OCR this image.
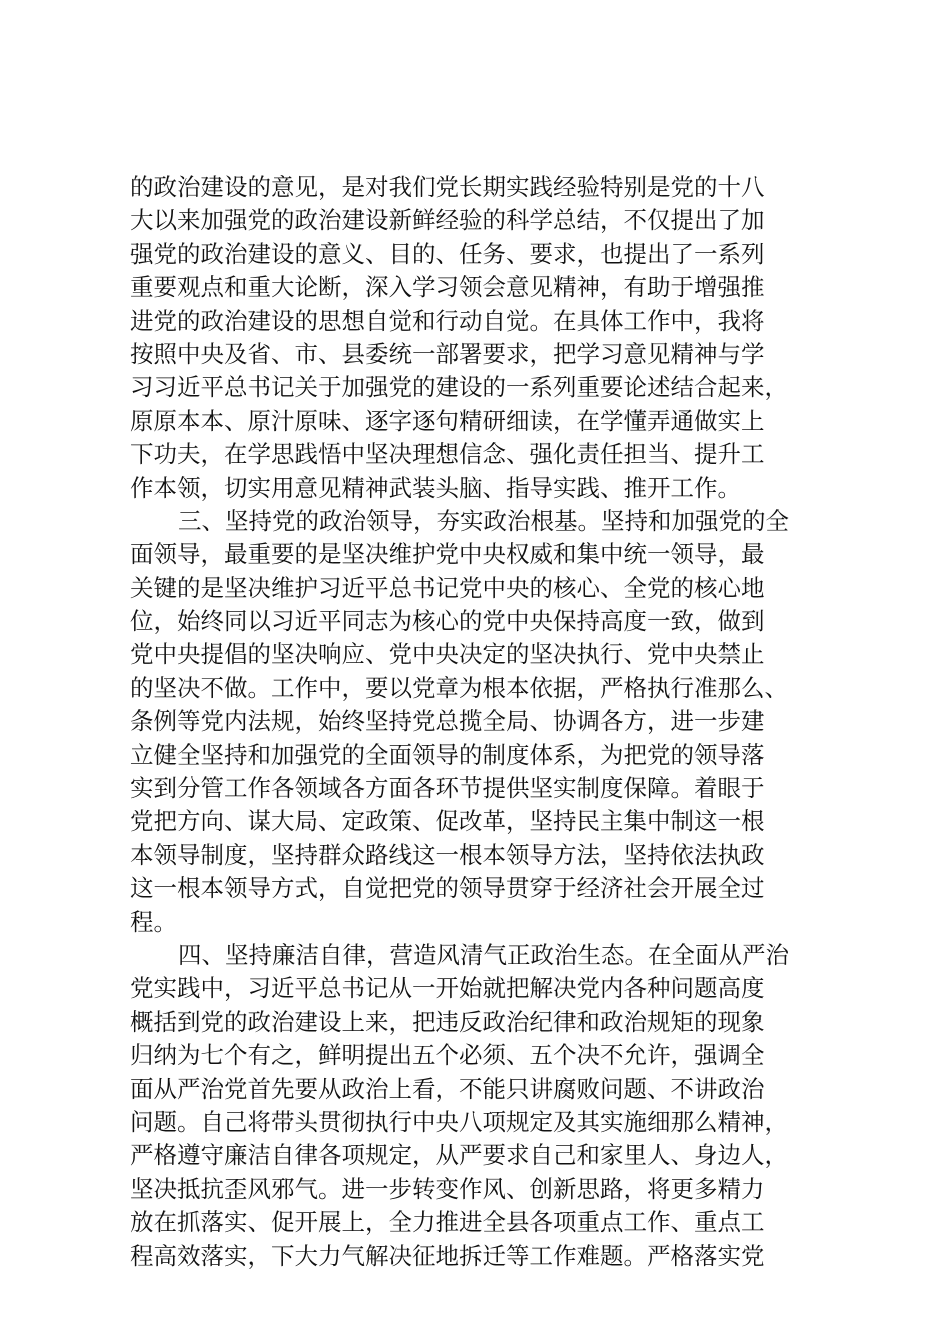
的政治建设的意见，是对我们党长期实践经验特别是党的十八
大以来加强党的政治建设新鲜经验的科学总结，不仅提出了加
强党的政治建设的意义、目的、任务、要求，也提出了一系列
重要观点和重大论断，深入学习领会意见精神，有助于增强推
进党的政治建设的思想自觉和行动自觉。在具体工作中，我将
按照中央及省、市、县委统一部署要求，把学习意见精神与学
习习近平总书记关于加强党的建设的一系列重要论述结合起来，
原原本本、原汁原味、逐字逐句精研细读，在学懂弄通做实上
下功夫，在学思践悟中坚决理想信念、强化责任担当、提升工
作本领，切实用意见精神武装头脑、指导实践、推开工作。
三、坚持党的政治领导，夯实政治根基。坚持和加强党的全
面领导，最重要的是坚决维护党中央权威和集中统一领导，最
关键的是坚决维护习近平总书记党中央的核心、全党的核心地
位，始终同以习近平同志为核心的党中央保持高度一致，做到
党中央提倡的坚决响应、党中央决定的坚决执行、党中央禁止
的坚决不做。工作中，要以党章为根本依据，严格执行准那么、
条例等党内法规，始终坚持党总揽全局、协调各方，进一步建
立健全坚持和加强党的全面领导的制度体系，为把党的领导落
实到分管工作各领域各方面各环节提供坚实制度保障。着眼于
党把方向、谋大局、定政策、促改革，坚持民主集中制这一根
本领导制度，坚持群众路线这一根本领导方法，坚持依法执政
这一根本领导方式，自觉把党的领导贯穿于经济社会开展全过
程。
四、坚持廉洁自律，营造风清气正政治生态。在全面从严治
党实践中，习近平总书记从一开始就把解决党内各种问题高度
概括到党的政治建设上来，把违反政治纪律和政治规矩的现象
归纳为七个有之，鲜明提出五个必须、五个决不允许，强调全
面从严治党首先要从政治上看，不能只讲腐败问题、不讲政治
问题。自己将带头贯彻执行中央八项规定及其实施细那么精神，
严格遵守廉洁自律各项规定，从严要求自己和家里人、身边人，
坚决抵抗歪风邪气。进一步转变作风、创新思路，将更多精力
放在抓落实、促开展上，全力推进全县各项重点工作、重点工
程高效落实，下大力气解决征地拆迁等工作难题。严格落实党
